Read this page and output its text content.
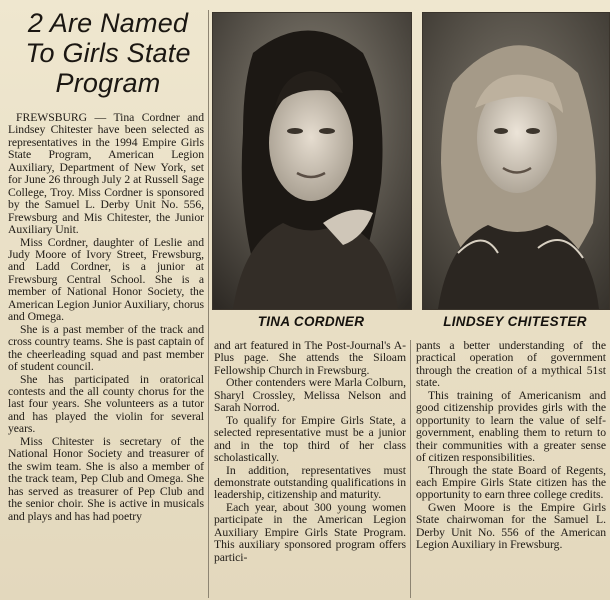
2 Are Named
To Girls State
Program

FREWSBURG — Tina Cordner and Lindsey Chitester have been selected as representatives in the 1994 Empire Girls State Program, American Legion Auxiliary, Department of New York, set for June 26 through July 2 at Russell Sage College, Troy. Miss Cordner is sponsored by the Samuel L. Derby Unit No. 556, Frewsburg and Mis Chitester, the Junior Auxiliary Unit.

Miss Cordner, daughter of Leslie and Judy Moore of Ivory Street, Frewsburg, and Ladd Cordner, is a junior at Frewsburg Central School. She is a member of National Honor Society, the American Legion Junior Auxiliary, chorus and Omega.

She is a past member of the track and cross country teams. She is past captain of the cheerleading squad and past member of student council.

She has participated in oratorical contests and the all county chorus for the last four years. She volunteers as a tutor and has played the violin for several years.

Miss Chitester is secretary of the National Honor Society and treasurer of the swim team. She is also a member of the track team, Pep Club and Omega. She has served as treasurer of Pep Club and the senior choir. She is active in musicals and plays and has had poetry

TINA CORDNER	LINDSEY CHITESTER

and art featured in The Post-Journal's A-Plus page. She attends the Siloam Fellowship Church in Frewsburg.

Other contenders were Marla Colburn, Sharyl Crossley, Melissa Nelson and Sarah Norrod.

To qualify for Empire Girls State, a selected representative must be a junior and in the top third of her class scholastically.

In addition, representatives must demonstrate outstanding qualifications in leadership, citizenship and maturity.

Each year, about 300 young women participate in the American Legion Auxiliary Empire Girls State Program. This auxiliary sponsored program offers partici-

pants a better understanding of the practical operation of government through the creation of a mythical 51st state.

This training of Americanism and good citizenship provides girls with the opportunity to learn the value of self-government, enabling them to return to their communities with a greater sense of citizen responsibilities.

Through the state Board of Regents, each Empire Girls State citizen has the opportunity to earn three college credits.

Gwen Moore is the Empire Girls State chairwoman for the Samuel L. Derby Unit No. 556 of the American Legion Auxiliary in Frewsburg.
